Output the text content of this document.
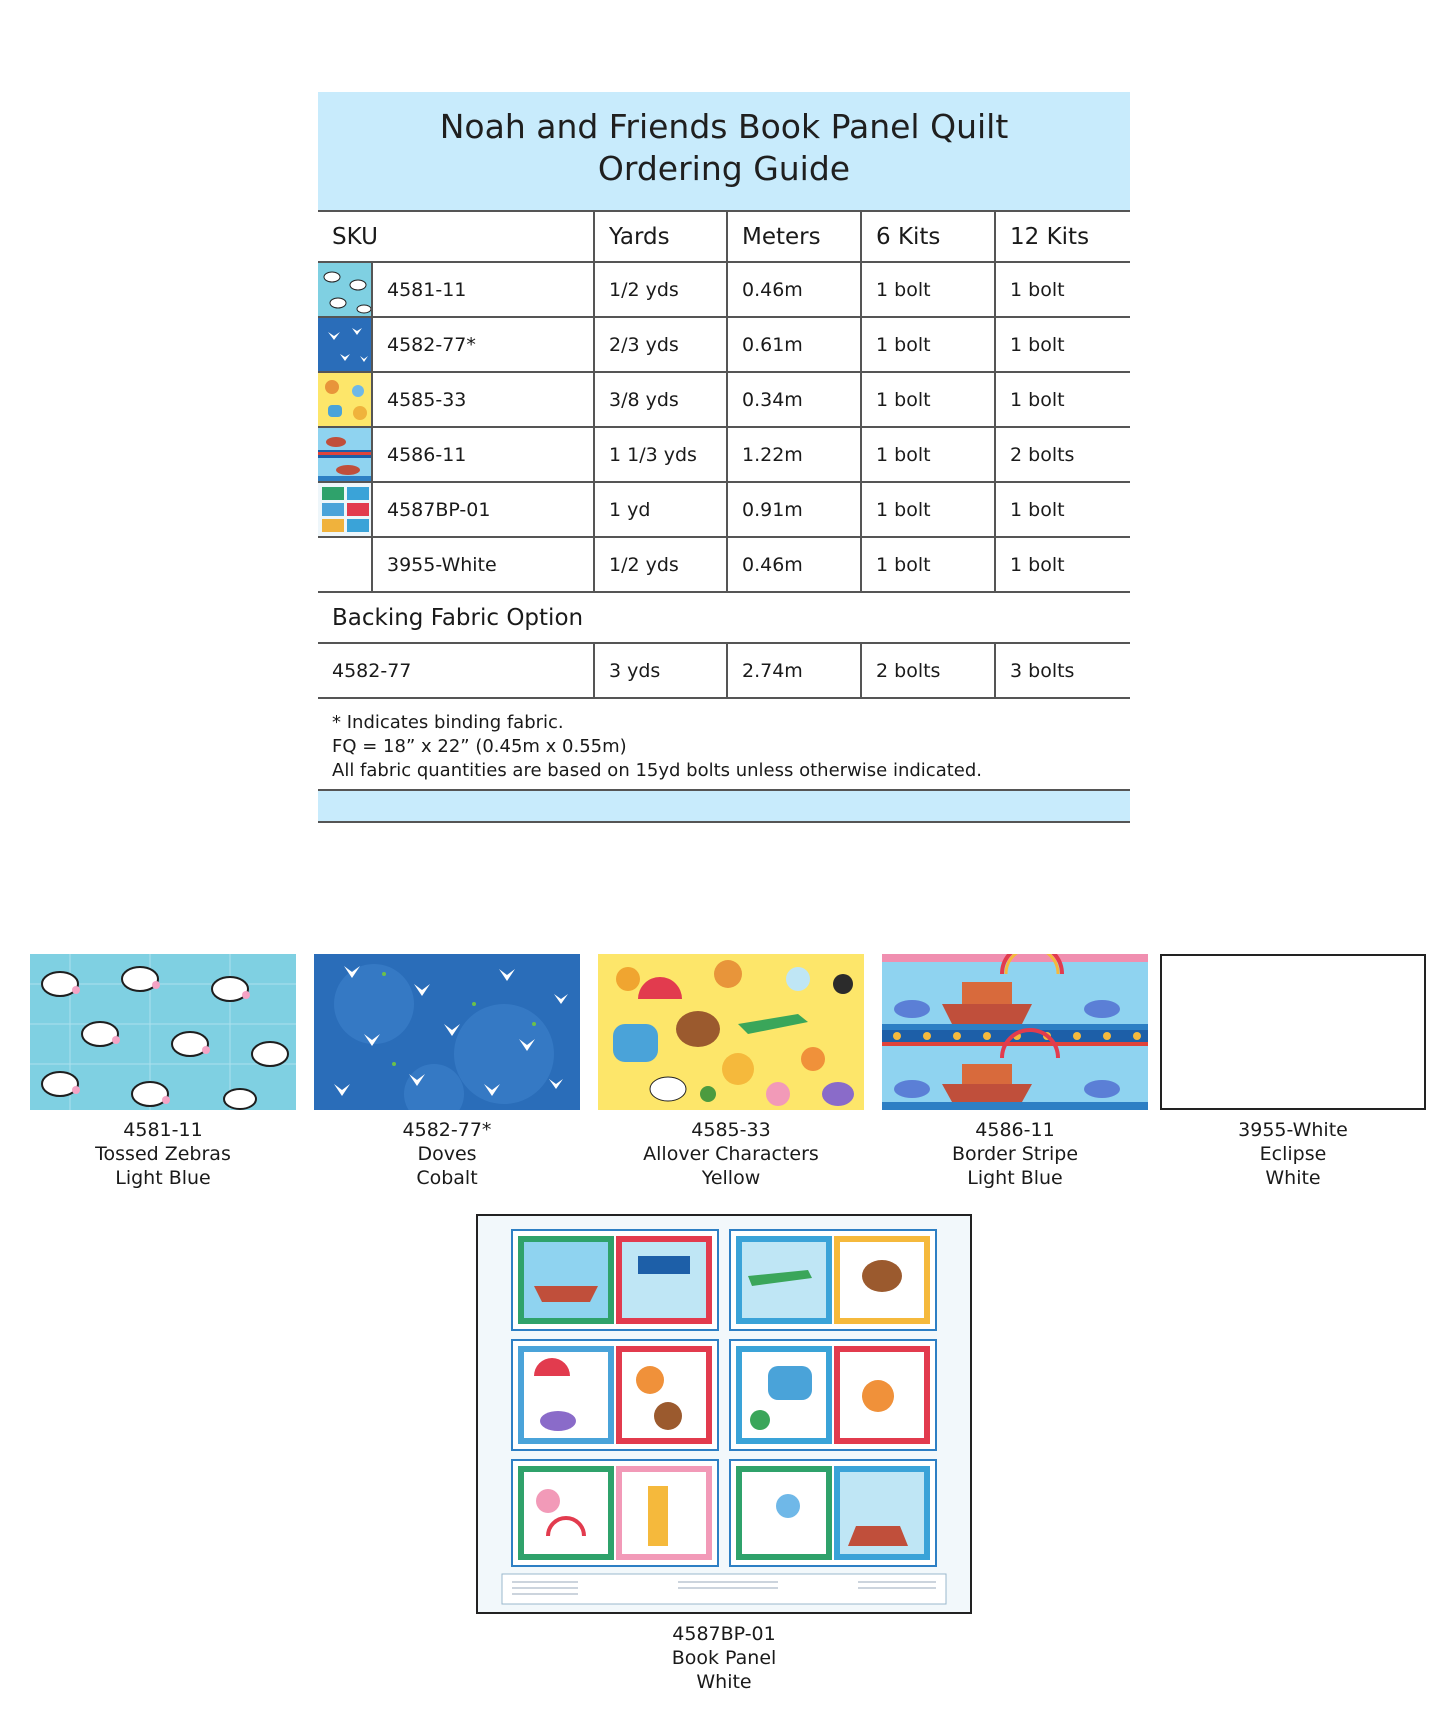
Noah and Friends Book Panel Quilt
Ordering Guide
SKU	Yards	Meters	6 Kits	12 Kits
4581-11	1/2 yds	0.46m	1 bolt	1 bolt
4582-77*	2/3 yds	0.61m	1 bolt	1 bolt
4585-33	3/8 yds	0.34m	1 bolt	1 bolt
4586-11	1 1/3 yds	1.22m	1 bolt	2 bolts
4587BP-01	1 yd	0.91m	1 bolt	1 bolt
3955-White	1/2 yds	0.46m	1 bolt	1 bolt
Backing Fabric Option
4582-77	3 yds	2.74m	2 bolts	3 bolts
* Indicates binding fabric.
FQ = 18” x 22” (0.45m x 0.55m)
All fabric quantities are based on 15yd bolts unless otherwise indicated.
4581-11
Tossed Zebras
Light Blue
4582-77*
Doves
Cobalt
4585-33
Allover Characters
Yellow
4586-11
Border Stripe
Light Blue
3955-White
Eclipse
White
4587BP-01
Book Panel
White
